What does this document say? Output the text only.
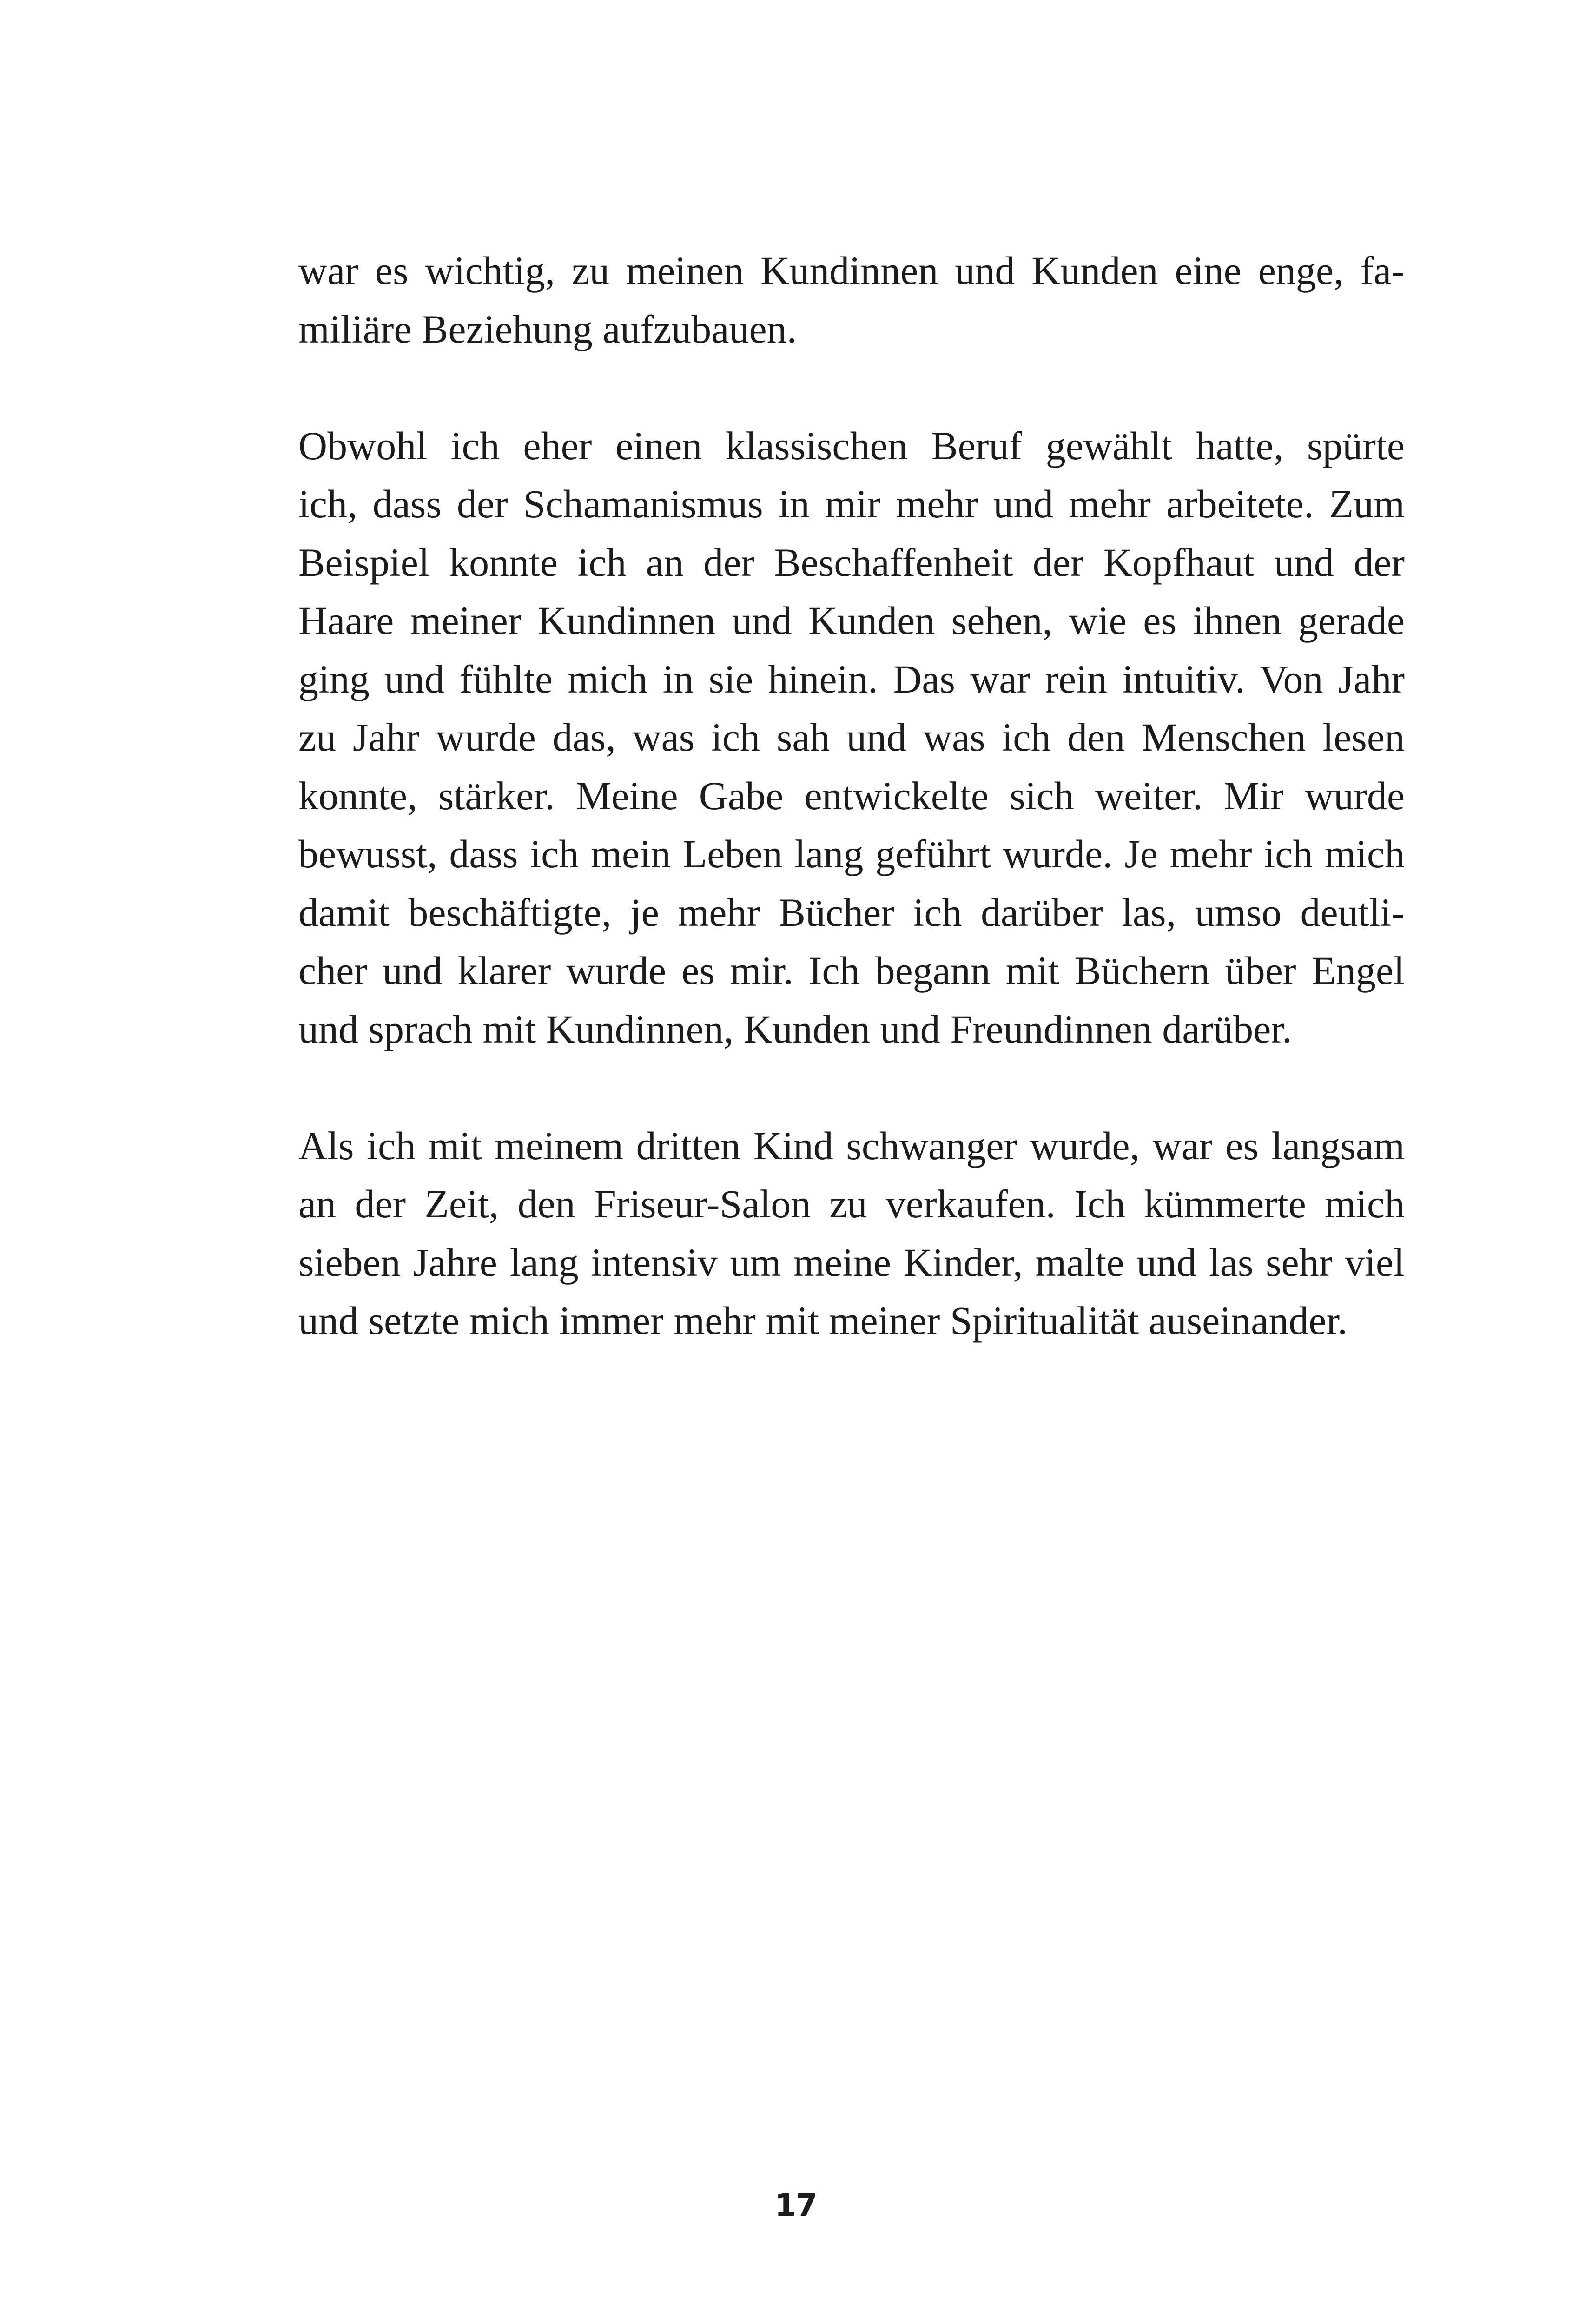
war es wichtig, zu meinen Kundinnen und Kunden eine enge, fa-
miliäre Beziehung aufzubauen.
Obwohl ich eher einen klassischen Beruf gewählt hatte, spürte
ich, dass der Schamanismus in mir mehr und mehr arbeitete. Zum
Beispiel konnte ich an der Beschaffenheit der Kopfhaut und der
Haare meiner Kundinnen und Kunden sehen, wie es ihnen gerade
ging und fühlte mich in sie hinein. Das war rein intuitiv. Von Jahr
zu Jahr wurde das, was ich sah und was ich den Menschen lesen
konnte, stärker. Meine Gabe entwickelte sich weiter. Mir wurde
bewusst, dass ich mein Leben lang geführt wurde. Je mehr ich mich
damit beschäftigte, je mehr Bücher ich darüber las, umso deutli-
cher und klarer wurde es mir. Ich begann mit Büchern über Engel
und sprach mit Kundinnen, Kunden und Freundinnen darüber.
Als ich mit meinem dritten Kind schwanger wurde, war es langsam
an der Zeit, den Friseur-Salon zu verkaufen. Ich kümmerte mich
sieben Jahre lang intensiv um meine Kinder, malte und las sehr viel
und setzte mich immer mehr mit meiner Spiritualität auseinander.
17
